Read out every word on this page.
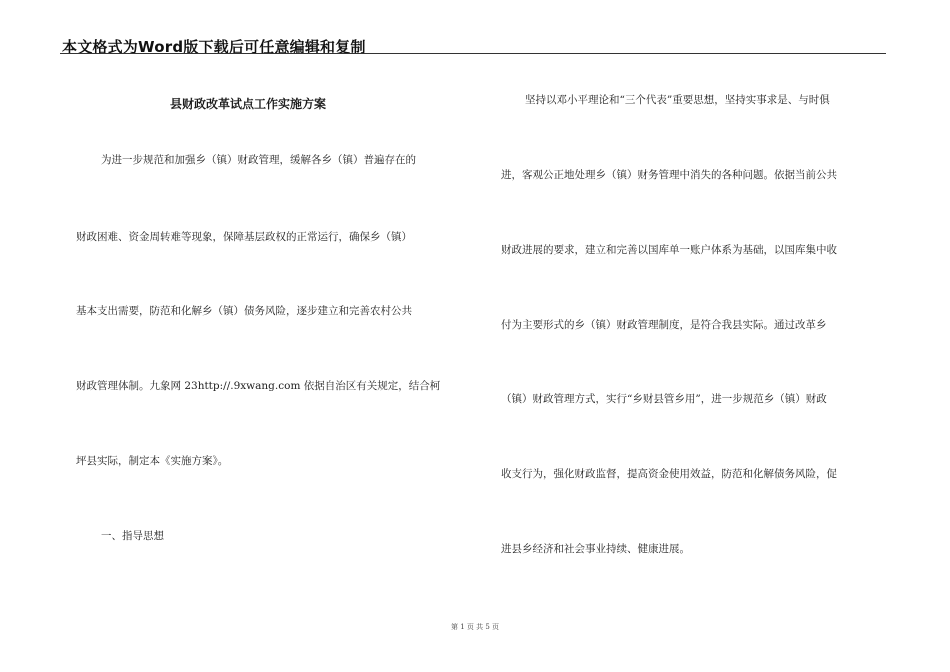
本文格式为Word版下载后可任意编辑和复制
县财政改革试点工作实施方案
为进一步规范和加强乡（镇）财政管理，缓解各乡（镇）普遍存在的
财政困难、资金周转难等现象，保障基层政权的正常运行，确保乡（镇）
基本支出需要，防范和化解乡（镇）债务风险，逐步建立和完善农村公共
财政管理体制。九象网 23http://.9xwang.com 依据自治区有关规定，结合柯
坪县实际，制定本《实施方案》。
一、指导思想
坚持以邓小平理论和“三个代表”重要思想，坚持实事求是、与时俱
进，客观公正地处理乡（镇）财务管理中消失的各种问题。依据当前公共
财政进展的要求，建立和完善以国库单一账户体系为基础，以国库集中收
付为主要形式的乡（镇）财政管理制度，是符合我县实际。通过改革乡
（镇）财政管理方式，实行“乡财县管乡用”，进一步规范乡（镇）财政
收支行为，强化财政监督，提高资金使用效益，防范和化解债务风险，促
进县乡经济和社会事业持续、健康进展。
第 1 页 共 5 页
